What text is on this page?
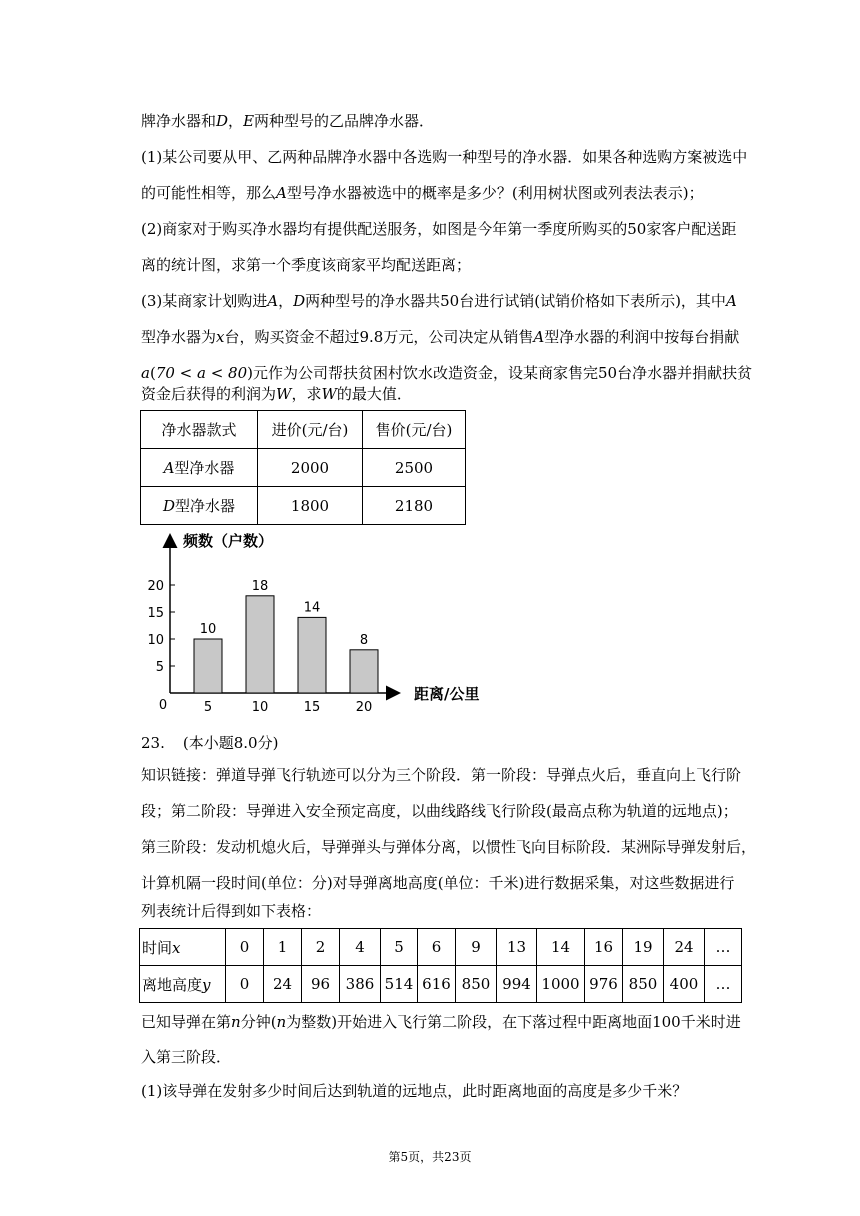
牌净水器和D，E两种型号的乙品牌净水器．
(1)某公司要从甲、乙两种品牌净水器中各选购一种型号的净水器．如果各种选购方案被选中
的可能性相等，那么A型号净水器被选中的概率是多少？(利用树状图或列表法表示)；
(2)商家对于购买净水器均有提供配送服务，如图是今年第一季度所购买的50家客户配送距
离的统计图，求第一个季度该商家平均配送距离；
(3)某商家计划购进A，D两种型号的净水器共50台进行试销(试销价格如下表所示)，其中A
型净水器为x台，购买资金不超过9.8万元，公司决定从销售A型净水器的利润中按每台捐献
a(70 < a < 80)元作为公司帮扶贫困村饮水改造资金，设某商家售完50台净水器并捐献扶贫
资金后获得的利润为W，求W的最大值．
净水器款式	进价(元/台)	售价(元/台)
A型净水器	2000	2500
D型净水器	1800	2180
频数（户数）
距离/公里
0
5
10
15
20
10
5
18
10
14
15
8
20
23. (本小题8.0分)
知识链接：弹道导弹飞行轨迹可以分为三个阶段．第一阶段：导弹点火后，垂直向上飞行阶
段；第二阶段：导弹进入安全预定高度，以曲线路线飞行阶段(最高点称为轨道的远地点)；
第三阶段：发动机熄火后，导弹弹头与弹体分离，以惯性飞向目标阶段．某洲际导弹发射后，
计算机隔一段时间(单位：分)对导弹离地高度(单位：千米)进行数据采集，对这些数据进行
列表统计后得到如下表格：
时间x	0	1	2	4	5	6	9	13	14	16	19	24	…
离地高度y	0	24	96	386	514	616	850	994	1000	976	850	400	…
已知导弹在第n分钟(n为整数)开始进入飞行第二阶段，在下落过程中距离地面100千米时进
入第三阶段．
(1)该导弹在发射多少时间后达到轨道的远地点，此时距离地面的高度是多少千米？
第5页，共23页
